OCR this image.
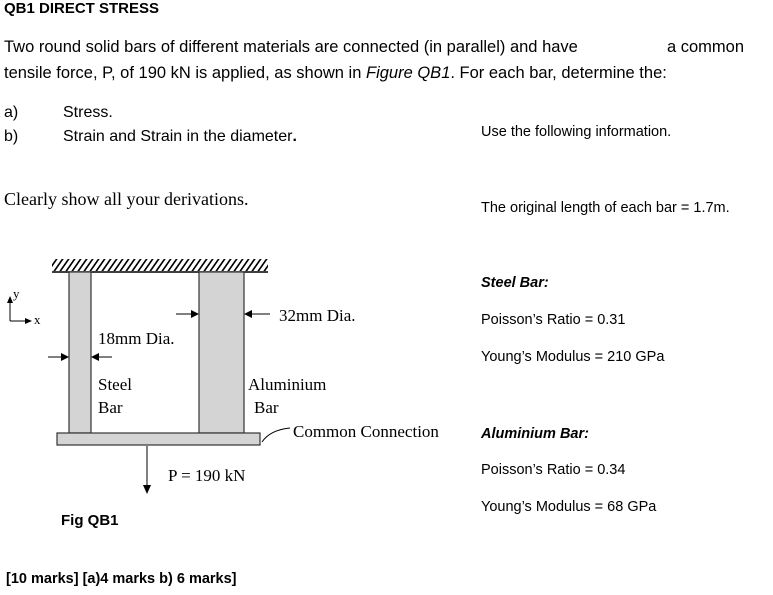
QB1 DIRECT STRESS
Two round solid bars of different materials are connected (in parallel) and have	a common
tensile force, P, of 190 kN is applied, as shown in Figure QB1. For each bar, determine the:
a)	Stress.
b)	Strain and Strain in the diameter.
Clearly show all your derivations.
Use the following information.
The original length of each bar = 1.7m.
Steel Bar:
Poisson’s Ratio = 0.31
Young’s Modulus = 210 GPa
Aluminium Bar:
Poisson’s Ratio = 0.34
Young’s Modulus = 68 GPa
y
x
18mm Dia.
32mm Dia.
Steel
Bar
Aluminium
Bar
Common Connection
P = 190 kN
Fig QB1
[10 marks] [a)4 marks b) 6 marks]
